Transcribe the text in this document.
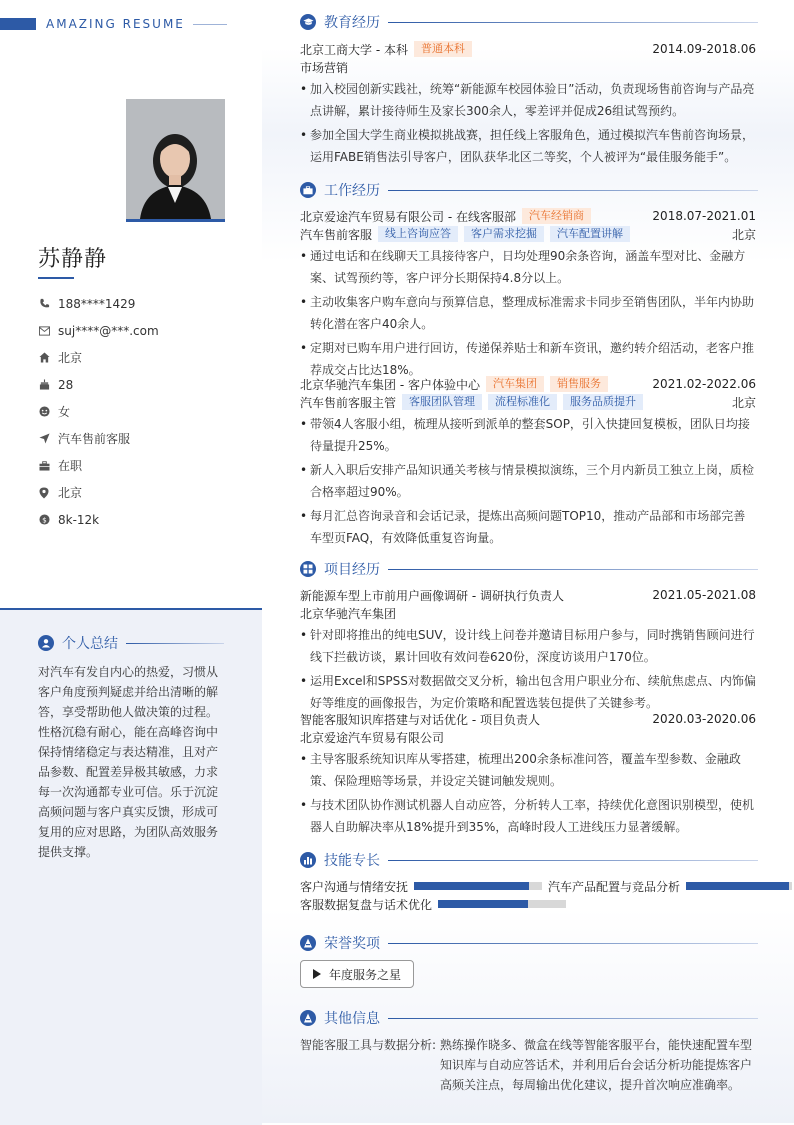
AMAZING RESUME
苏静静
188****1429
suj****@***.com
北京
28
女
汽车售前客服
在职
北京
$ 8k-12k
个人总结
对汽车有发自内心的热爱，习惯从客户角度预判疑虑并给出清晰的解答，享受帮助他人做决策的过程。性格沉稳有耐心，能在高峰咨询中保持情绪稳定与表达精准，且对产品参数、配置差异极其敏感，力求每一次沟通都专业可信。乐于沉淀高频问题与客户真实反馈，形成可复用的应对思路，为团队高效服务提供支撑。
教育经历
北京工商大学 - 本科	普通本科	2014.09-2018.06
市场营销
• 加入校园创新实践社，统筹“新能源车校园体验日”活动，负责现场售前咨询与产品亮点讲解，累计接待师生及家长300余人，零差评并促成26组试驾预约。
• 参加全国大学生商业模拟挑战赛，担任线上客服角色，通过模拟汽车售前咨询场景，运用FABE销售法引导客户，团队获华北区二等奖，个人被评为“最佳服务能手”。
工作经历
北京爱途汽车贸易有限公司 - 在线客服部	汽车经销商	2018.07-2021.01
汽车售前客服	线上咨询应答	客户需求挖掘	汽车配置讲解	北京
• 通过电话和在线聊天工具接待客户，日均处理90余条咨询，涵盖车型对比、金融方案、试驾预约等，客户评分长期保持4.8分以上。
• 主动收集客户购车意向与预算信息，整理成标准需求卡同步至销售团队，半年内协助转化潜在客户40余人。
• 定期对已购车用户进行回访，传递保养贴士和新车资讯，邀约转介绍活动，老客户推荐成交占比达18%。
北京华驰汽车集团 - 客户体验中心	汽车集团	销售服务	2021.02-2022.06
汽车售前客服主管	客服团队管理	流程标准化	服务品质提升	北京
• 带领4人客服小组，梳理从接听到派单的整套SOP，引入快捷回复模板，团队日均接待量提升25%。
• 新人入职后安排产品知识通关考核与情景模拟演练，三个月内新员工独立上岗，质检合格率超过90%。
• 每月汇总咨询录音和会话记录，提炼出高频问题TOP10，推动产品部和市场部完善车型页FAQ，有效降低重复咨询量。
项目经历
新能源车型上市前用户画像调研 - 调研执行负责人	2021.05-2021.08
北京华驰汽车集团
• 针对即将推出的纯电SUV，设计线上问卷并邀请目标用户参与，同时携销售顾问进行线下拦截访谈，累计回收有效问卷620份，深度访谈用户170位。
• 运用Excel和SPSS对数据做交叉分析，输出包含用户职业分布、续航焦虑点、内饰偏好等维度的画像报告，为定价策略和配置选装包提供了关键参考。
智能客服知识库搭建与对话优化 - 项目负责人	2020.03-2020.06
北京爱途汽车贸易有限公司
• 主导客服系统知识库从零搭建，梳理出200余条标准问答，覆盖车型参数、金融政策、保险理赔等场景，并设定关键词触发规则。
• 与技术团队协作测试机器人自动应答，分析转人工率，持续优化意图识别模型，使机器人自助解决率从18%提升到35%，高峰时段人工进线压力显著缓解。
技能专长
客户沟通与情绪安抚	汽车产品配置与竞品分析
客服数据复盘与话术优化
荣誉奖项
年度服务之星
其他信息
智能客服工具与数据分析: 熟练操作晓多、微盒在线等智能客服平台，能快速配置车型知识库与自动应答话术，并利用后台会话分析功能提炼客户高频关注点，每周输出优化建议，提升首次响应准确率。
